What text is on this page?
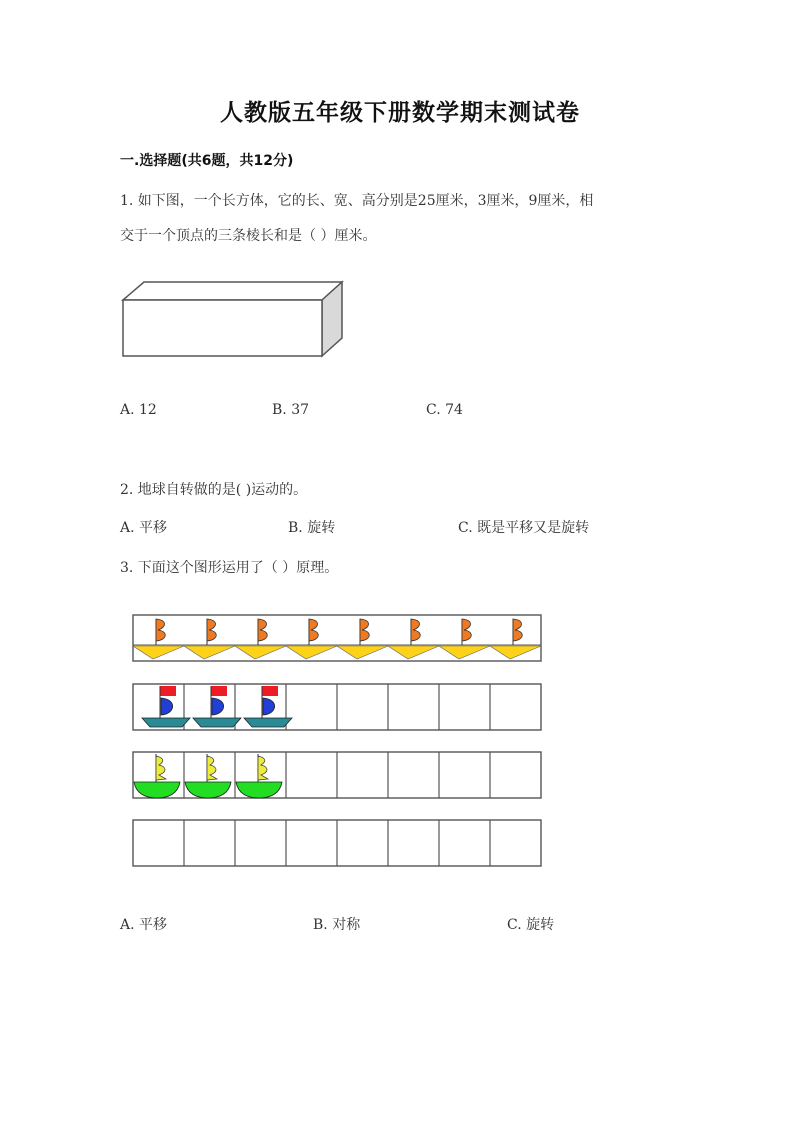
人教版五年级下册数学期末测试卷
一.选择题(共6题，共12分)
1. 如下图，一个长方体，它的长、宽、高分别是25厘米，3厘米，9厘米，相
交于一个顶点的三条棱长和是（ ）厘米。
A. 12	B. 37	C. 74
2. 地球自转做的是( )运动的。
A. 平移	B. 旋转	C. 既是平移又是旋转
3. 下面这个图形运用了（ ）原理。
A. 平移	B. 对称	C. 旋转
